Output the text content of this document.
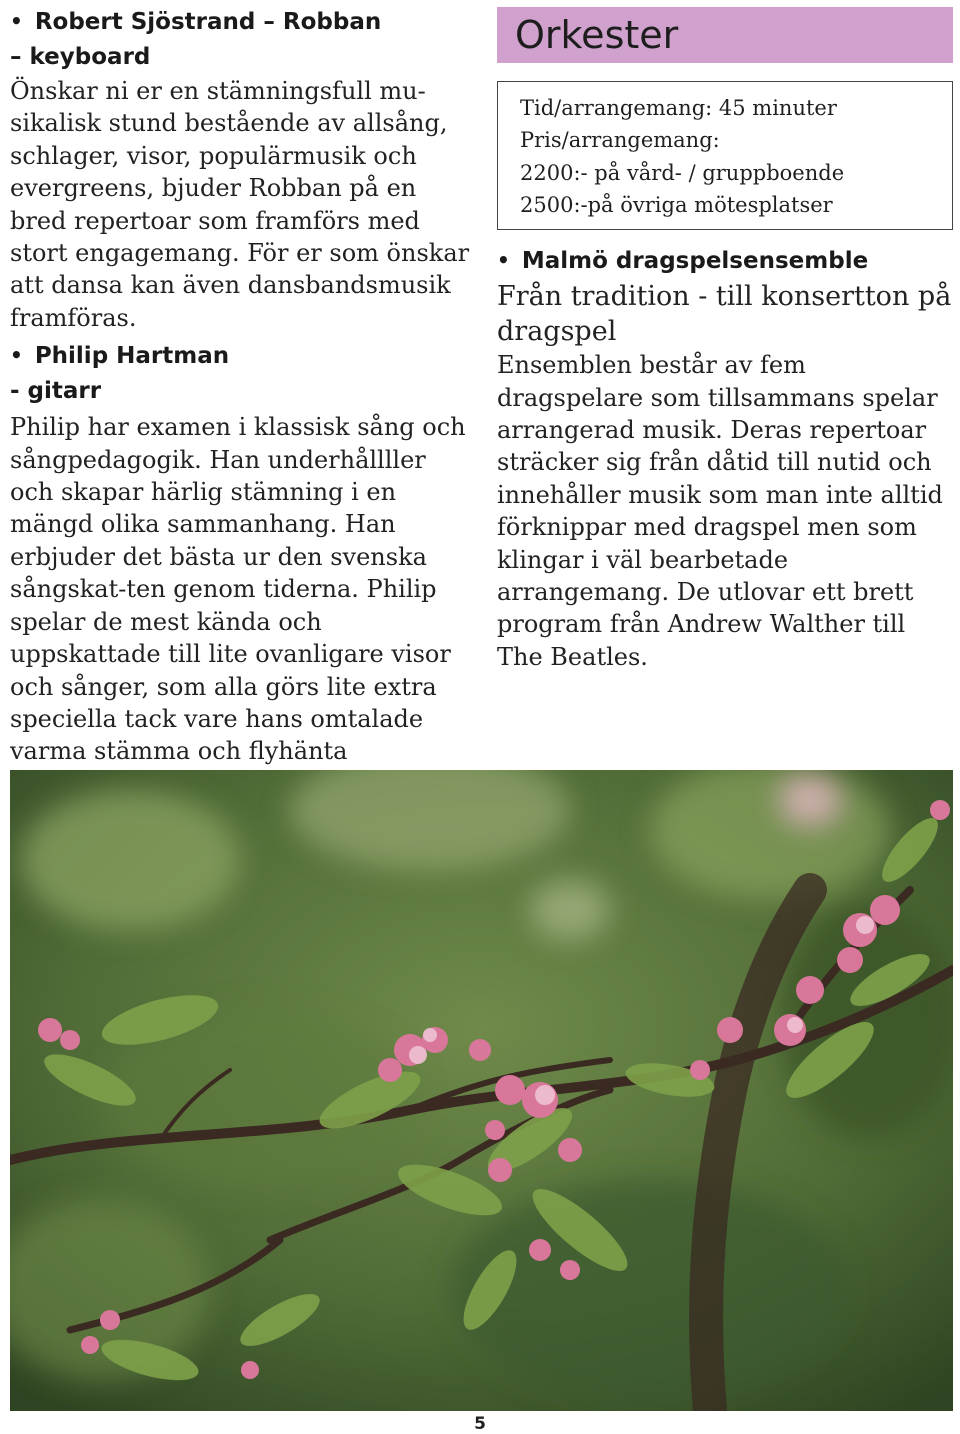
• Robert Sjöstrand – Robban
– keyboard

Önskar ni er en stämningsfull mu-sikalisk stund bestående av allsång, schlager, visor, populärmusik och evergreens, bjuder Robban på en bred repertoar som framförs med stort engagemang. För er som önskar att dansa kan även dansbandsmusik framföras.

• Philip Hartman
- gitarr

Philip har examen i klassisk sång och sångpedagogik. Han underhållller och skapar härlig stämning i en mängd olika sammanhang. Han erbjuder det bästa ur den svenska sångskat-ten genom tiderna. Philip spelar de mest kända och uppskattade till lite ovanligare visor och sånger, som alla görs lite extra speciella tack vare hans omtalade varma stämma och flyhänta

Orkester
Tid/arrangemang: 45 minuter
Pris/arrangemang:
2200:- på vård- / gruppboende
2500:-på övriga mötesplatser
• Malmö dragspelsensemble

Från tradition - till konsertton på dragspel

Ensemblen består av fem dragspelare som tillsammans spelar arrangerad musik. Deras repertoar sträcker sig från dåtid till nutid och innehåller musik som man inte alltid förknippar med dragspel men som klingar i väl bearbetade arrangemang. De utlovar ett brett program från Andrew Walther till The Beatles.

5
